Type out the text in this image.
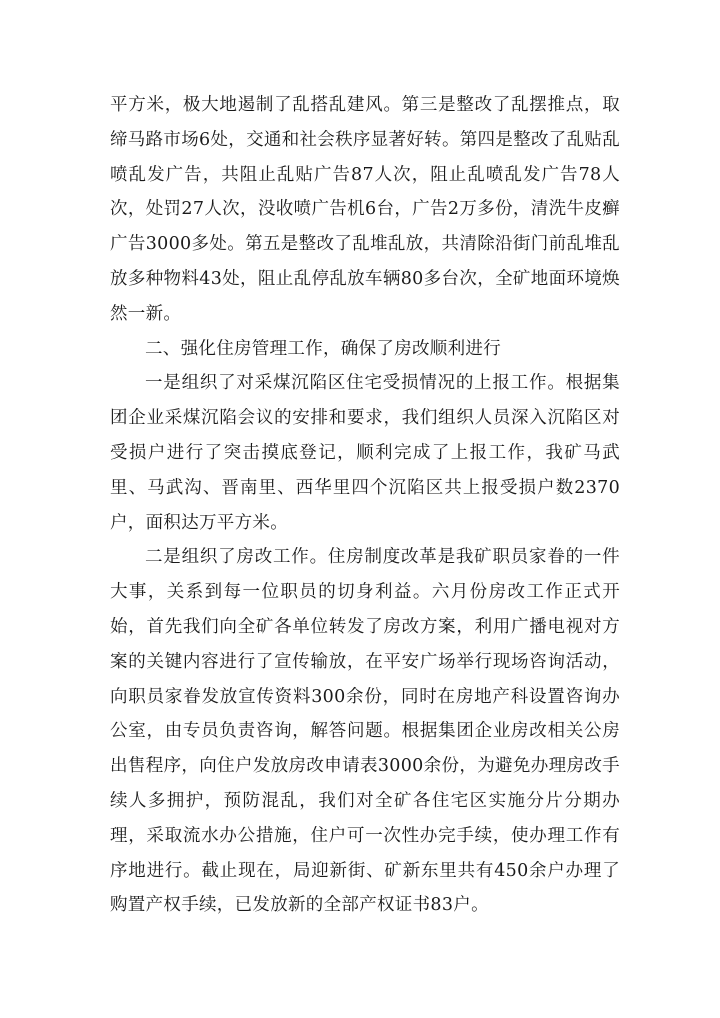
平方米，极大地遏制了乱搭乱建风。第三是整改了乱摆推点，取缔马路市场6处，交通和社会秩序显著好转。第四是整改了乱贴乱喷乱发广告，共阻止乱贴广告87人次，阻止乱喷乱发广告78人次，处罚27人次，没收喷广告机6台，广告2万多份，清洗牛皮癣广告3000多处。第五是整改了乱堆乱放，共清除沿街门前乱堆乱放多种物料43处，阻止乱停乱放车辆80多台次，全矿地面环境焕然一新。

二、强化住房管理工作，确保了房改顺利进行

一是组织了对采煤沉陷区住宅受损情况的上报工作。根据集团企业采煤沉陷会议的安排和要求，我们组织人员深入沉陷区对受损户进行了突击摸底登记，顺利完成了上报工作，我矿马武里、马武沟、晋南里、西华里四个沉陷区共上报受损户数2370户，面积达万平方米。

二是组织了房改工作。住房制度改革是我矿职员家眷的一件大事，关系到每一位职员的切身利益。六月份房改工作正式开始，首先我们向全矿各单位转发了房改方案，利用广播电视对方案的关键内容进行了宣传输放，在平安广场举行现场咨询活动，向职员家眷发放宣传资料300余份，同时在房地产科设置咨询办公室，由专员负责咨询，解答问题。根据集团企业房改相关公房出售程序，向住户发放房改申请表3000余份，为避免办理房改手续人多拥护，预防混乱，我们对全矿各住宅区实施分片分期办理，采取流水办公措施，住户可一次性办完手续，使办理工作有序地进行。截止现在，局迎新街、矿新东里共有450余户办理了购置产权手续，已发放新的全部产权证书83户。
